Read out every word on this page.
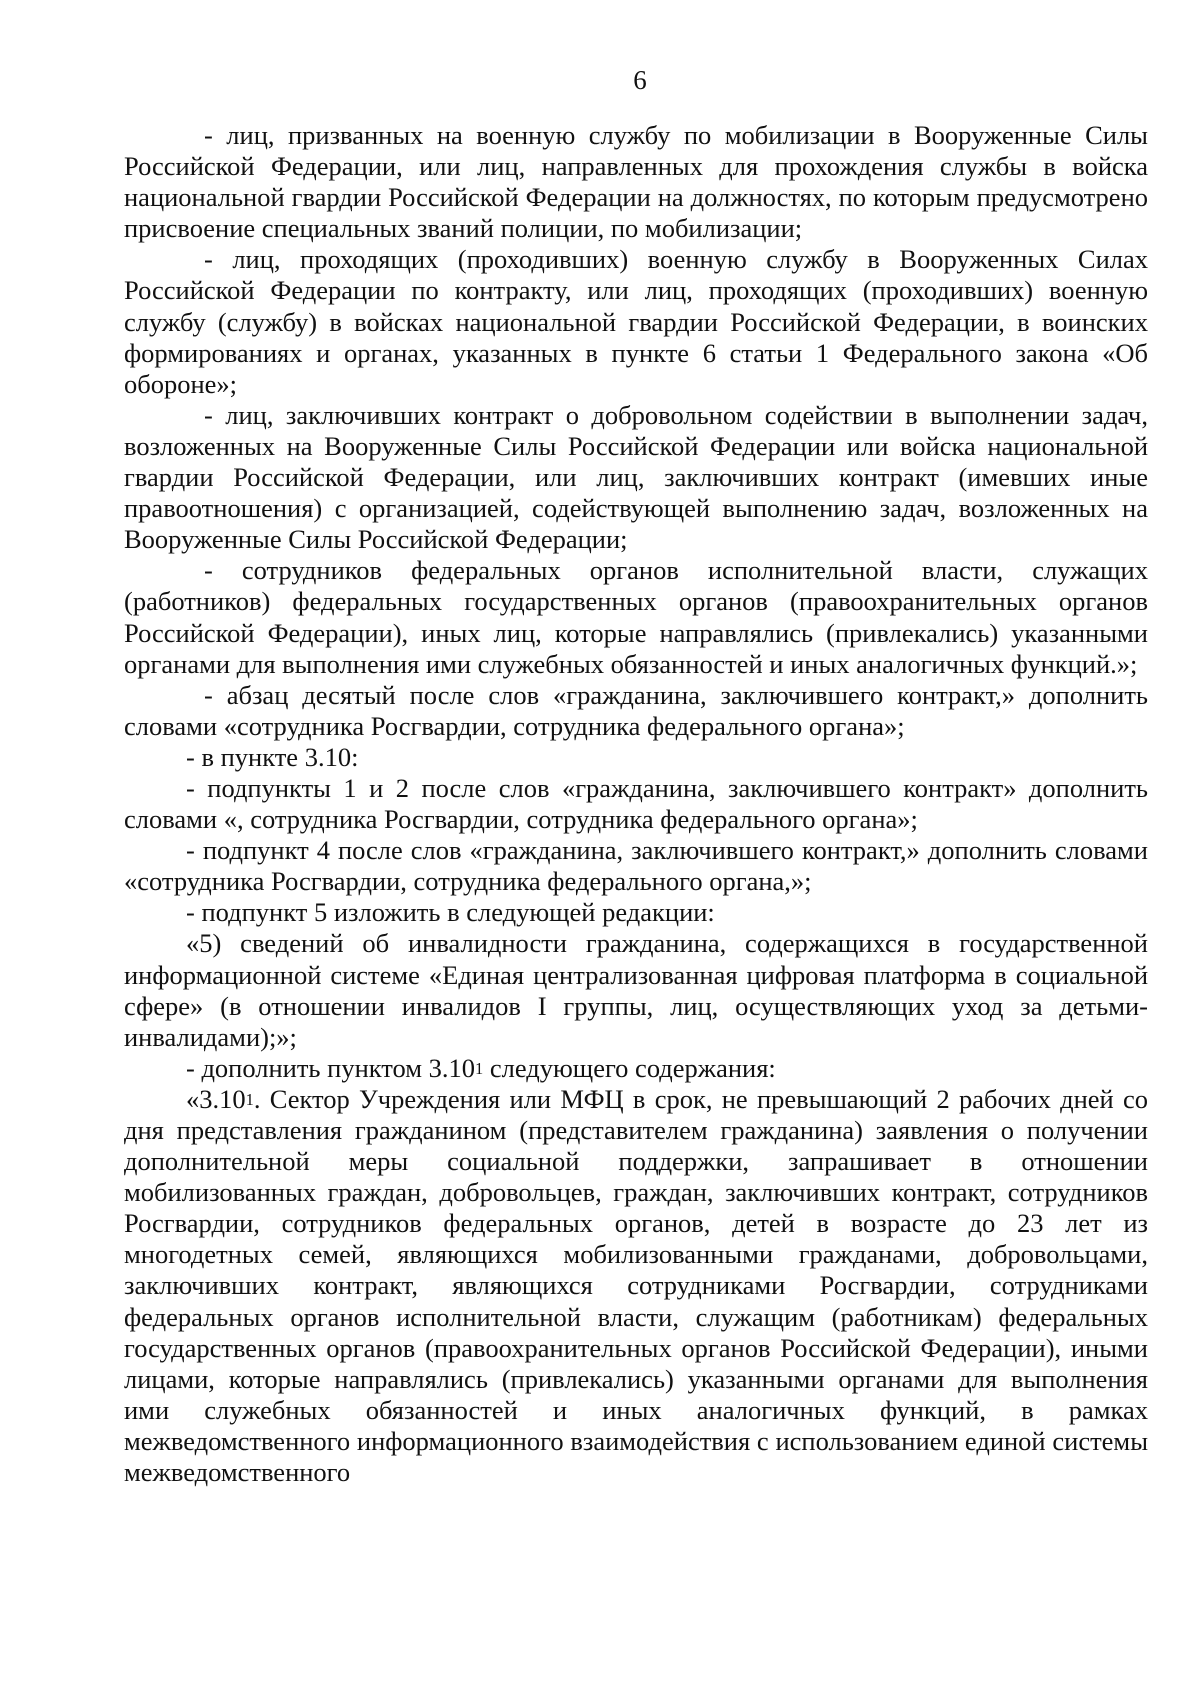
6

- лиц, призванных на военную службу по мобилизации в Вооруженные Силы Российской Федерации, или лиц, направленных для прохождения службы в войска национальной гвардии Российской Федерации на должностях, по которым предусмотрено присвоение специальных званий полиции, по мобилизации;

- лиц, проходящих (проходивших) военную службу в Вооруженных Силах Российской Федерации по контракту, или лиц, проходящих (проходивших) военную службу (службу) в войсках национальной гвардии Российской Федерации, в воинских формированиях и органах, указанных в пункте 6 статьи 1 Федерального закона «Об обороне»;

- лиц, заключивших контракт о добровольном содействии в выполнении задач, возложенных на Вооруженные Силы Российской Федерации или войска национальной гвардии Российской Федерации, или лиц, заключивших контракт (имевших иные правоотношения) с организацией, содействующей выполнению задач, возложенных на Вооруженные Силы Российской Федерации;

- сотрудников федеральных органов исполнительной власти, служащих (работников) федеральных государственных органов (правоохранительных органов Российской Федерации), иных лиц, которые направлялись (привлекались) указанными органами для выполнения ими служебных обязанностей и иных аналогичных функций.»;

- абзац десятый после слов «гражданина, заключившего контракт,» дополнить словами «сотрудника Росгвардии, сотрудника федерального органа»;

- в пункте 3.10:

- подпункты 1 и 2 после слов «гражданина, заключившего контракт» дополнить словами «, сотрудника Росгвардии, сотрудника федерального органа»;

- подпункт 4 после слов «гражданина, заключившего контракт,» дополнить словами «сотрудника Росгвардии, сотрудника федерального органа,»;

- подпункт 5 изложить в следующей редакции:

«5) сведений об инвалидности гражданина, содержащихся в государственной информационной системе «Единая централизованная цифровая платформа в социальной сфере» (в отношении инвалидов I группы, лиц, осуществляющих уход за детьми-инвалидами);»;

- дополнить пунктом 3.10$^1$ следующего содержания:

«3.10$^1$. Сектор Учреждения или МФЦ в срок, не превышающий 2 рабочих дней со дня представления гражданином (представителем гражданина) заявления о получении дополнительной меры социальной поддержки, запрашивает в отношении мобилизованных граждан, добровольцев, граждан, заключивших контракт, сотрудников Росгвардии, сотрудников федеральных органов, детей в возрасте до 23 лет из многодетных семей, являющихся мобилизованными гражданами, добровольцами, заключивших контракт, являющихся сотрудниками Росгвардии, сотрудниками федеральных органов исполнительной власти, служащим (работникам) федеральных государственных органов (правоохранительных органов Российской Федерации), иными лицами, которые направлялись (привлекались) указанными органами для выполнения ими служебных обязанностей и иных аналогичных функций, в рамках межведомственного информационного взаимодействия с использованием единой системы межведомственного
